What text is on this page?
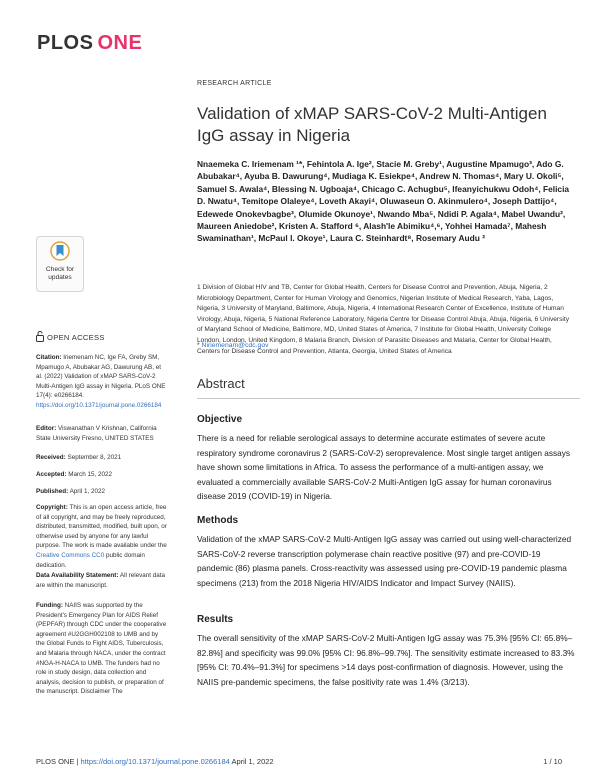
PLOS ONE
RESEARCH ARTICLE
Validation of xMAP SARS-CoV-2 Multi-Antigen IgG assay in Nigeria
Nnaemeka C. Iriemenam ¹*, Fehintola A. Ige², Stacie M. Greby¹, Augustine Mpamugo³, Ado G. Abubakar⁴, Ayuba B. Dawurung⁴, Mudiaga K. Esiekpe⁴, Andrew N. Thomas⁴, Mary U. Okoli⁵, Samuel S. Awala⁴, Blessing N. Ugboaja⁴, Chicago C. Achugbu⁵, Ifeanyichukwu Odoh⁴, Felicia D. Nwatu⁴, Temitope Olaleye⁴, Loveth Akayi⁴, Oluwaseun O. Akinmulero⁴, Joseph Dattijo⁴, Edewede Onokevbagbe³, Olumide Okunoye¹, Nwando Mba⁵, Ndidi P. Agala⁴, Mabel Uwandu², Maureen Aniedobe², Kristen A. Stafford ⁶, Alash'le Abimiku⁴,⁶, Yohhei Hamada⁷, Mahesh Swaminathan¹, McPaul I. Okoye¹, Laura C. Steinhardt⁸, Rosemary Audu ²
1 Division of Global HIV and TB, Center for Global Health, Centers for Disease Control and Prevention, Abuja, Nigeria, 2 Microbiology Department, Center for Human Virology and Genomics, Nigerian Institute of Medical Research, Yaba, Lagos, Nigeria, 3 University of Maryland, Baltimore, Abuja, Nigeria, 4 International Research Center of Excellence, Institute of Human Virology, Abuja, Nigeria, 5 National Reference Laboratory, Nigeria Centre for Disease Control Abuja, Abuja, Nigeria, 6 University of Maryland School of Medicine, Baltimore, MD, United States of America, 7 Institute for Global Health, University College London, London, United Kingdom, 8 Malaria Branch, Division of Parasitic Diseases and Malaria, Center for Global Health, Centers for Disease Control and Prevention, Atlanta, Georgia, United States of America
* Niriemenam@cdc.gov
Abstract
Objective
There is a need for reliable serological assays to determine accurate estimates of severe acute respiratory syndrome coronavirus 2 (SARS-CoV-2) seroprevalence. Most single target antigen assays have shown some limitations in Africa. To assess the performance of a multi-antigen assay, we evaluated a commercially available SARS-CoV-2 Multi-Antigen IgG assay for human coronavirus disease 2019 (COVID-19) in Nigeria.
Methods
Validation of the xMAP SARS-CoV-2 Multi-Antigen IgG assay was carried out using well-characterized SARS-CoV-2 reverse transcription polymerase chain reactive positive (97) and pre-COVID-19 pandemic (86) plasma panels. Cross-reactivity was assessed using pre-COVID-19 pandemic plasma specimens (213) from the 2018 Nigeria HIV/AIDS Indicator and Impact Survey (NAIIS).
Results
The overall sensitivity of the xMAP SARS-CoV-2 Multi-Antigen IgG assay was 75.3% [95% CI: 65.8%–82.8%] and specificity was 99.0% [95% CI: 96.8%–99.7%]. The sensitivity estimate increased to 83.3% [95% CI: 70.4%–91.3%] for specimens >14 days post-confirmation of diagnosis. However, using the NAIIS pre-pandemic specimens, the false positivity rate was 1.4% (3/213).
Check for
updates
OPEN ACCESS
Citation: Iriemenam NC, Ige FA, Greby SM, Mpamugo A, Abubakar AG, Dawurung AB, et al. (2022) Validation of xMAP SARS-CoV-2 Multi-Antigen IgG assay in Nigeria. PLoS ONE 17(4): e0266184. https://doi.org/10.1371/journal.pone.0266184
Editor: Viswanathan V Krishnan, California State University Fresno, UNITED STATES
Received: September 8, 2021
Accepted: March 15, 2022
Published: April 1, 2022
Copyright: This is an open access article, free of all copyright, and may be freely reproduced, distributed, transmitted, modified, built upon, or otherwise used by anyone for any lawful purpose. The work is made available under the Creative Commons CC0 public domain dedication.
Data Availability Statement: All relevant data are within the manuscript.
Funding: NAIIS was supported by the President's Emergency Plan for AIDS Relief (PEPFAR) through CDC under the cooperative agreement #U2GGH002108 to UMB and by the Global Funds to Fight AIDS, Tuberculosis, and Malaria through NACA, under the contract #NGA-H-NACA to UMB. The funders had no role in study design, data collection and analysis, decision to publish, or preparation of the manuscript. Disclaimer The
PLOS ONE | https://doi.org/10.1371/journal.pone.0266184 April 1, 2022	1 / 10
